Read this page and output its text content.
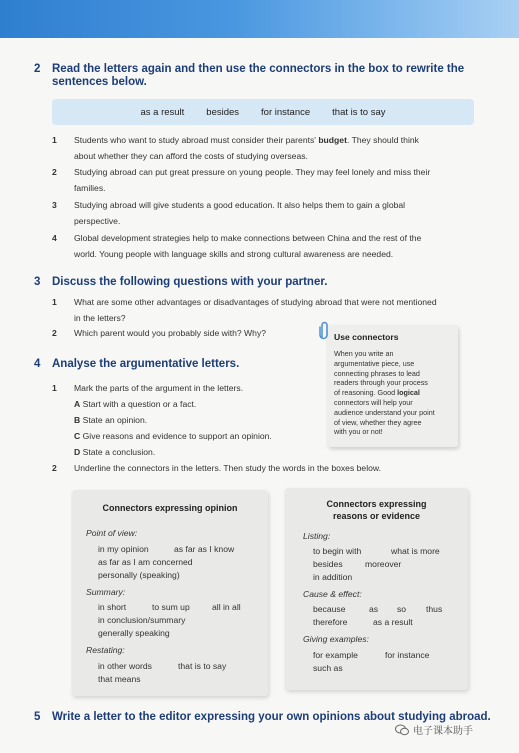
2 Read the letters again and then use the connectors in the box to rewrite the
sentences below.
as a result besides for instance that is to say
1 Students who want to study abroad must consider their parents' budget. They should think
about whether they can afford the costs of studying overseas.
2 Studying abroad can put great pressure on young people. They may feel lonely and miss their
families.
3 Studying abroad will give students a good education. It also helps them to gain a global
perspective.
4 Global development strategies help to make connections between China and the rest of the
world. Young people with language skills and strong cultural awareness are needed.
3 Discuss the following questions with your partner.
1 What are some other advantages or disadvantages of studying abroad that were not mentioned
in the letters?
2 Which parent would you probably side with? Why?	Use connectors
When you write an
argumentative piece, use
connecting phrases to lead
readers through your process
of reasoning. Good logical
connectors will help your
audience understand your point
of view, whether they agree
with you or not!
4 Analyse the argumentative letters.
1 Mark the parts of the argument in the letters.
A Start with a question or a fact.
B State an opinion.
C Give reasons and evidence to support an opinion.
D State a conclusion.
2 Underline the connectors in the letters. Then study the words in the boxes below.
Connectors expressing opinion
Point of view:
in my opinion	as far as I know
as far as I am concerned
personally (speaking)
Summary:
in short	to sum up	all in all
in conclusion/summary
generally speaking
Restating:
in other words	that is to say
that means
Connectors expressing
reasons or evidence
Listing:
to begin with	what is more
besides	moreover
in addition
Cause & effect:
because	as so thus
therefore	as a result
Giving examples:
for example	for instance
such as
5 Write a letter to the editor expressing your own opinions about studying abroad.
电子课本助手
